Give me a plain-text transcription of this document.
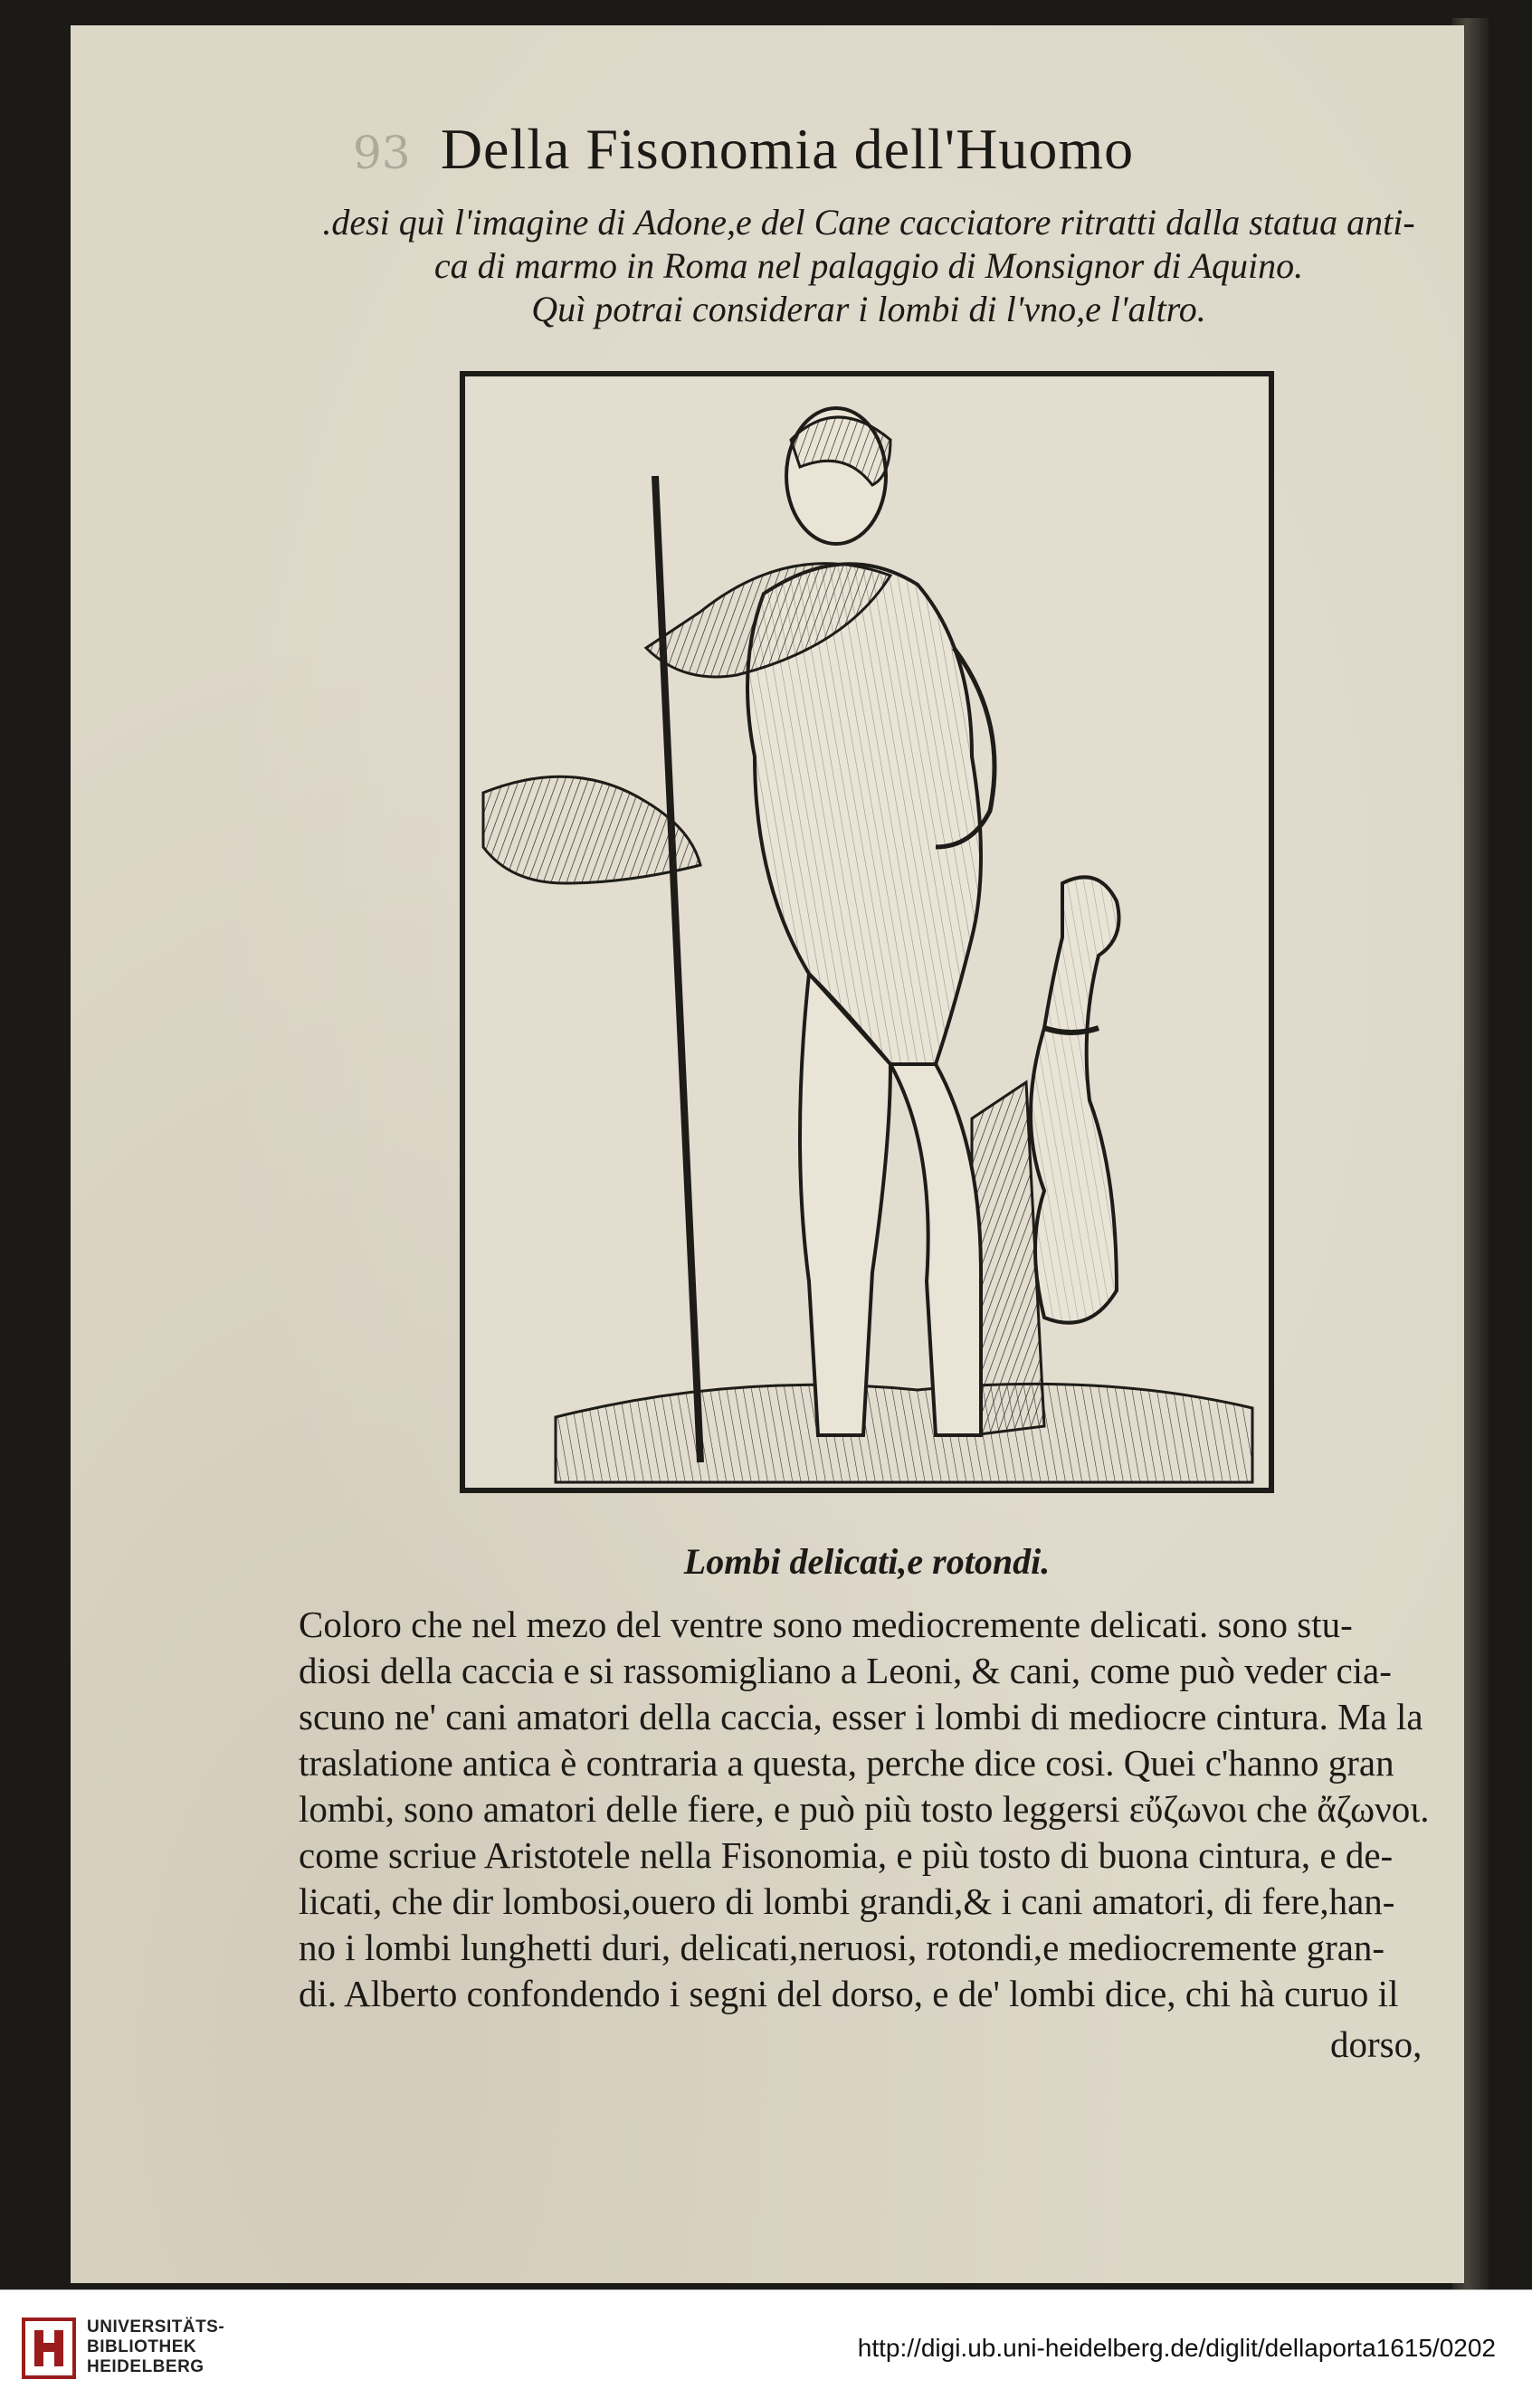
93 Della Fisonomia dell'Huomo
.desi quì l'imagine di Adone,e del Cane cacciatore ritratti dalla statua anti-
ca di marmo in Roma nel palaggio di Monsignor di Aquino.
Quì potrai considerar i lombi di l'vno,e l'altro.
Lombi delicati,e rotondi.
Coloro che nel mezo del ventre sono mediocremente delicati. sono stu-
diosi della caccia e si rassomigliano a Leoni, & cani, come può veder cia-
scuno ne' cani amatori della caccia, esser i lombi di mediocre cintura. Ma la
traslatione antica è contraria a questa, perche dice cosi. Quei c'hanno gran
lombi, sono amatori delle fiere, e può più tosto leggersi εὔζωνοι che ἄζωνοι.
come scriue Aristotele nella Fisonomia, e più tosto di buona cintura, e de-
licati, che dir lombosi,ouero di lombi grandi,& i cani amatori, di fere,han-
no i lombi lunghetti duri, delicati,neruosi, rotondi,e mediocremente gran-
di. Alberto confondendo i segni del dorso, e de' lombi dice, chi hà curuo il
dorso,
UNIVERSITÄTS-
BIBLIOTHEK
HEIDELBERG
http://digi.ub.uni-heidelberg.de/diglit/dellaporta1615/0202
